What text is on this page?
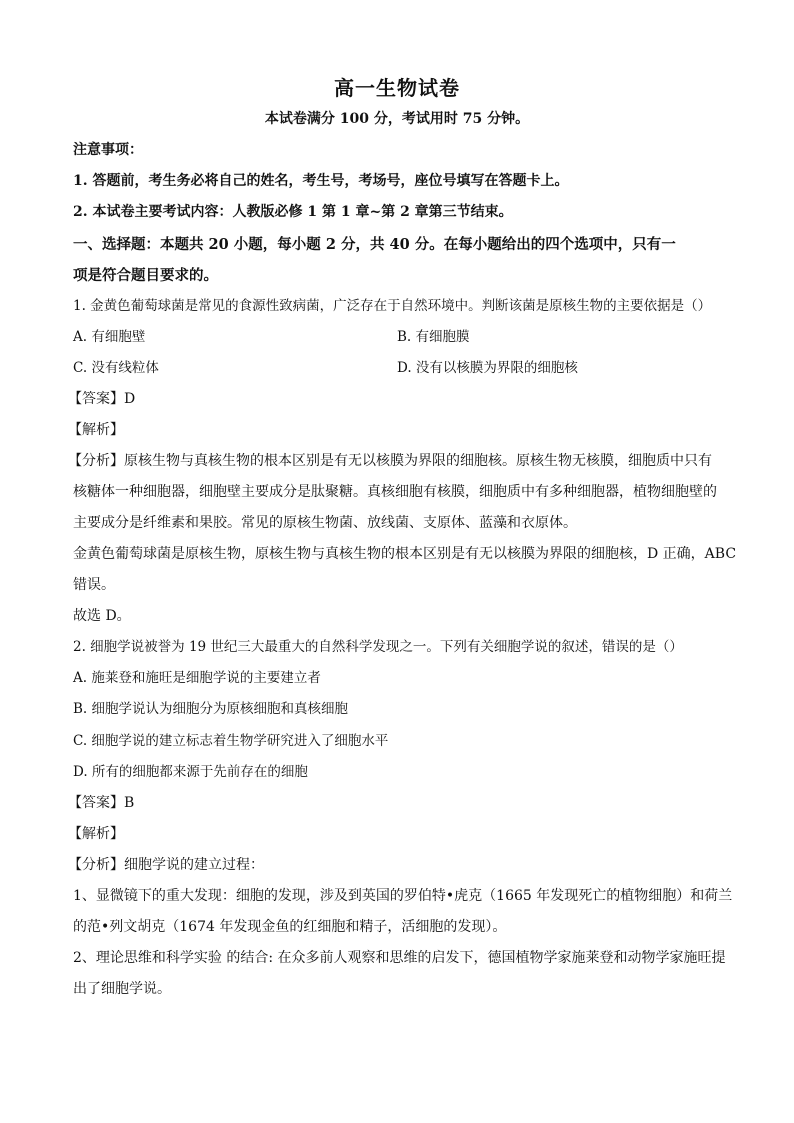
高一生物试卷
本试卷满分 100 分，考试用时 75 分钟。
注意事项：
1. 答题前，考生务必将自己的姓名，考生号，考场号，座位号填写在答题卡上。
2. 本试卷主要考试内容：人教版必修 1 第 1 章~第 2 章第三节结束。
一、选择题：本题共 20 小题，每小题 2 分，共 40 分。在每小题给出的四个选项中，只有一
项是符合题目要求的。
1. 金黄色葡萄球菌是常见的食源性致病菌，广泛存在于自然环境中。判断该菌是原核生物的主要依据是（）
A. 有细胞壁	B. 有细胞膜
C. 没有线粒体	D. 没有以核膜为界限的细胞核
【答案】D
【解析】
【分析】原核生物与真核生物的根本区别是有无以核膜为界限的细胞核。原核生物无核膜，细胞质中只有
核糖体一种细胞器，细胞壁主要成分是肽聚糖。真核细胞有核膜，细胞质中有多种细胞器，植物细胞壁的
主要成分是纤维素和果胶。常见的原核生物菌、放线菌、支原体、蓝藻和衣原体。
金黄色葡萄球菌是原核生物，原核生物与真核生物的根本区别是有无以核膜为界限的细胞核，D 正确，ABC
错误。
故选 D。
2. 细胞学说被誉为 19 世纪三大最重大的自然科学发现之一。下列有关细胞学说的叙述，错误的是（）
A. 施莱登和施旺是细胞学说的主要建立者
B. 细胞学说认为细胞分为原核细胞和真核细胞
C. 细胞学说的建立标志着生物学研究进入了细胞水平
D. 所有的细胞都来源于先前存在的细胞
【答案】B
【解析】
【分析】细胞学说的建立过程：
1、显微镜下的重大发现：细胞的发现，涉及到英国的罗伯特•虎克（1665 年发现死亡的植物细胞）和荷兰
的范•列文胡克（1674 年发现金鱼的红细胞和精子，活细胞的发现）。
2、理论思维和科学实验 的结合: 在众多前人观察和思维的启发下，德国植物学家施莱登和动物学家施旺提
出了细胞学说。
